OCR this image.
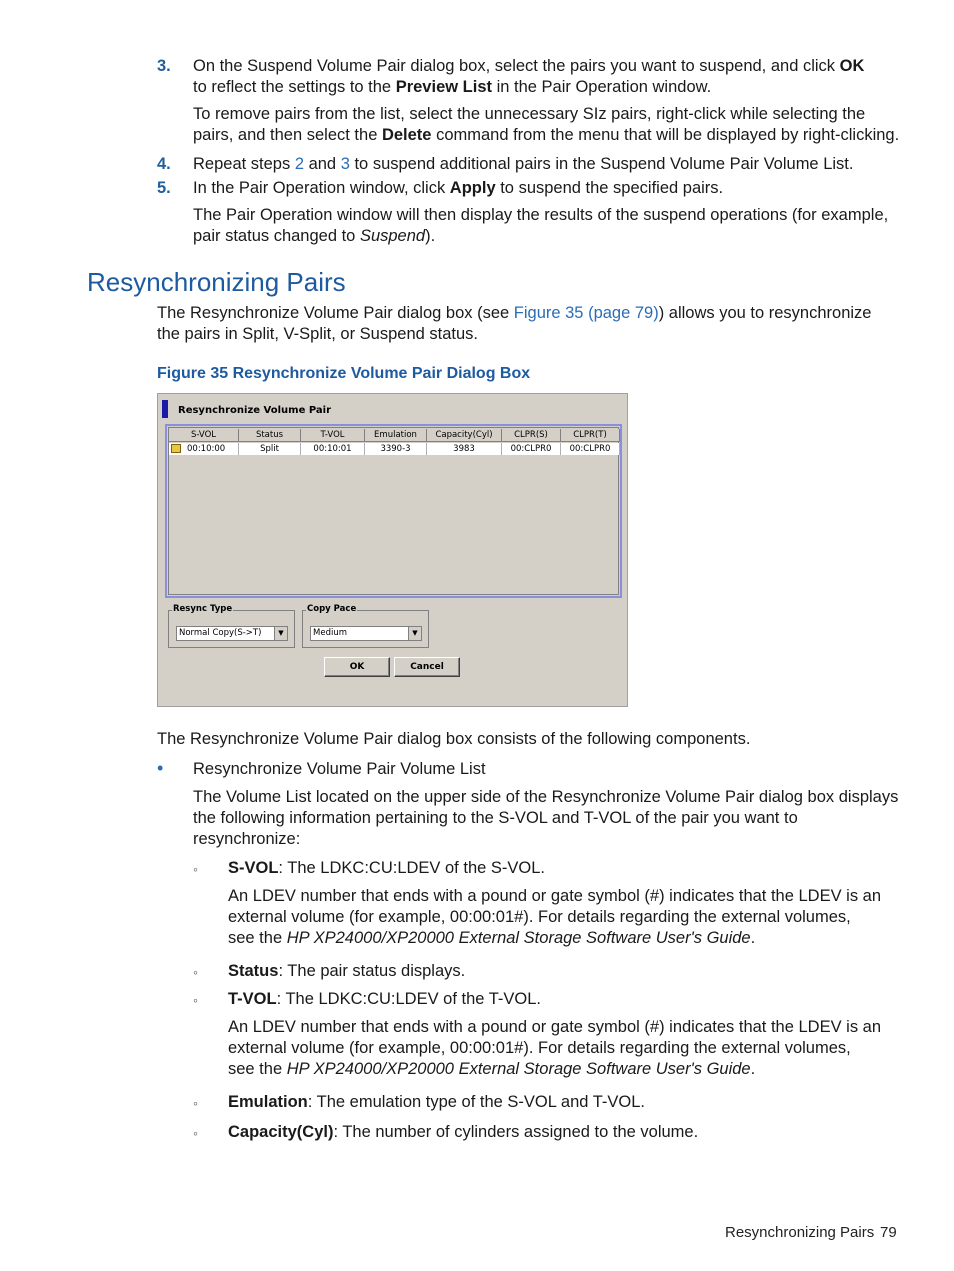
3. On the Suspend Volume Pair dialog box, select the pairs you want to suspend, and click OK
to reflect the settings to the Preview List in the Pair Operation window.
To remove pairs from the list, select the unnecessary SIz pairs, right-click while selecting the
pairs, and then select the Delete command from the menu that will be displayed by right-clicking.
4. Repeat steps 2 and 3 to suspend additional pairs in the Suspend Volume Pair Volume List.
5. In the Pair Operation window, click Apply to suspend the specified pairs.
The Pair Operation window will then display the results of the suspend operations (for example,
pair status changed to Suspend).
Resynchronizing Pairs
The Resynchronize Volume Pair dialog box (see Figure 35 (page 79)) allows you to resynchronize
the pairs in Split, V-Split, or Suspend status.
Figure 35 Resynchronize Volume Pair Dialog Box
Resynchronize Volume Pair
S-VOL	Status	T-VOL	Emulation	Capacity(Cyl)	CLPR(S)	CLPR(T)
00:10:00	Split	00:10:01	3390-3	3983	00:CLPR0	00:CLPR0
Resync Type
Normal Copy(S->T)	▼
Copy Pace
Medium	▼
OK	Cancel
The Resynchronize Volume Pair dialog box consists of the following components.
• Resynchronize Volume Pair Volume List
The Volume List located on the upper side of the Resynchronize Volume Pair dialog box displays
the following information pertaining to the S-VOL and T-VOL of the pair you want to
resynchronize:
◦ S-VOL: The LDKC:CU:LDEV of the S-VOL.
An LDEV number that ends with a pound or gate symbol (#) indicates that the LDEV is an
external volume (for example, 00:00:01#). For details regarding the external volumes,
see the HP XP24000/XP20000 External Storage Software User's Guide.
◦ Status: The pair status displays.
◦ T-VOL: The LDKC:CU:LDEV of the T-VOL.
An LDEV number that ends with a pound or gate symbol (#) indicates that the LDEV is an
external volume (for example, 00:00:01#). For details regarding the external volumes,
see the HP XP24000/XP20000 External Storage Software User's Guide.
◦ Emulation: The emulation type of the S-VOL and T-VOL.
◦ Capacity(Cyl): The number of cylinders assigned to the volume.
Resynchronizing Pairs 79
